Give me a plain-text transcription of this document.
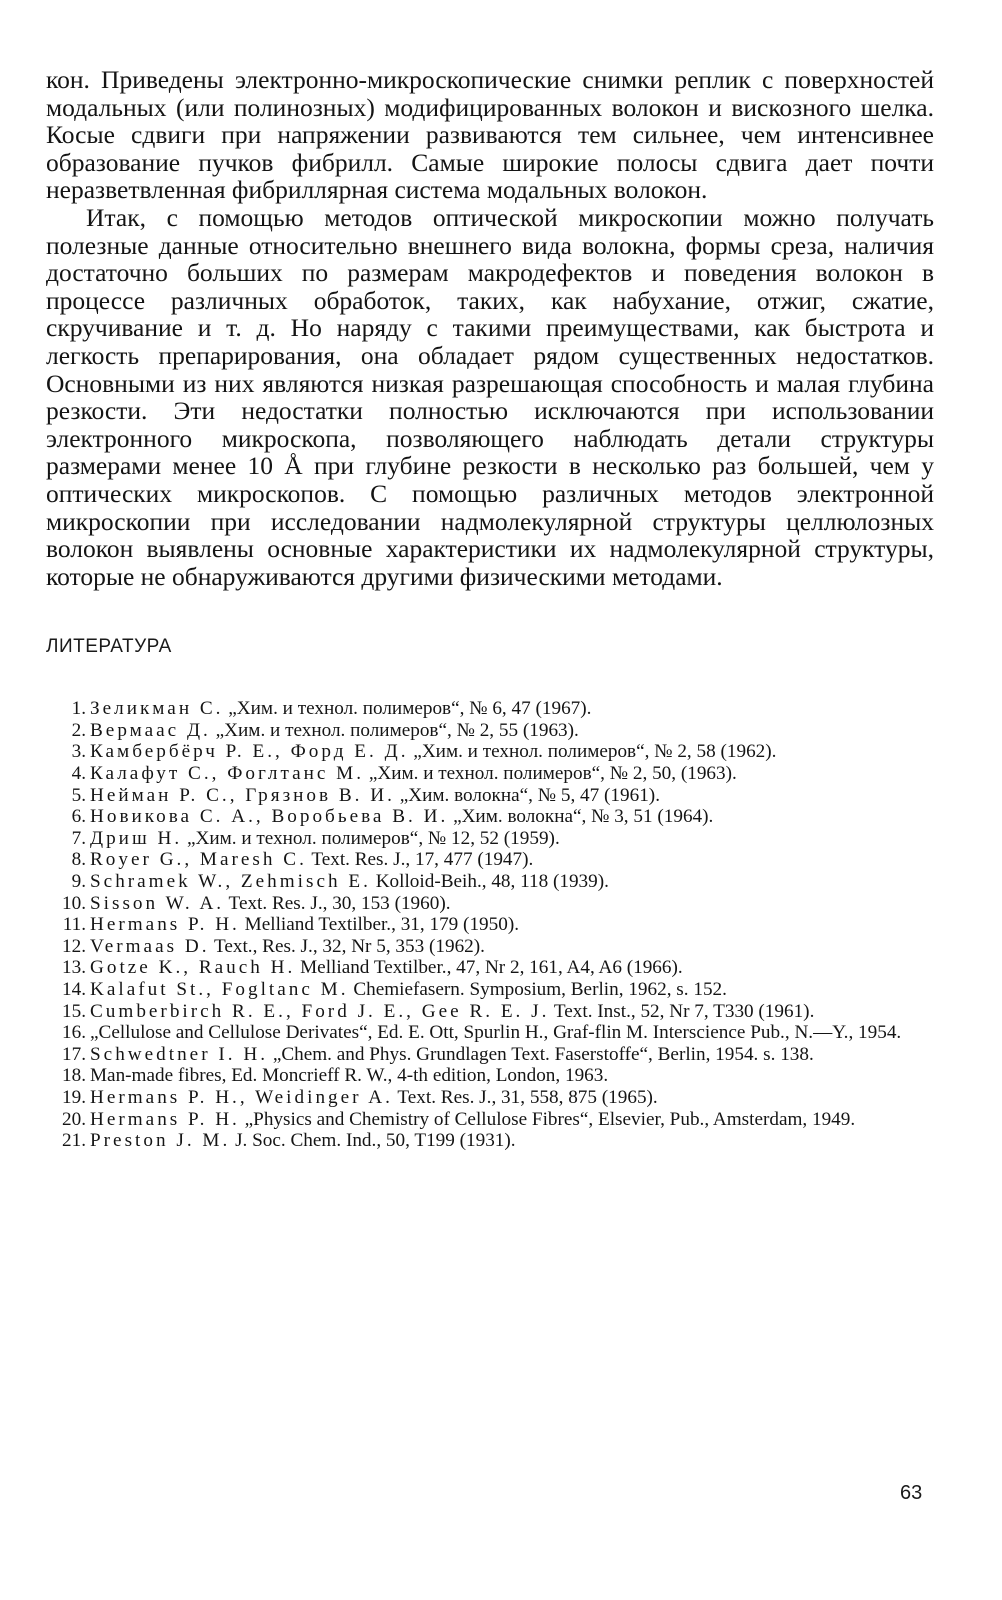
кон. Приведены электронно-микроскопические снимки реплик с поверхностей модальных (или полинозных) модифицированных волокон и вискозного шелка. Косые сдвиги при напряжении развиваются тем сильнее, чем интенсивнее образование пучков фибрилл. Самые широкие полосы сдвига дает почти неразветвленная фибриллярная система модальных волокон.

Итак, с помощью методов оптической микроскопии можно получать полезные данные относительно внешнего вида волокна, формы среза, наличия достаточно больших по размерам макродефектов и поведения волокон в процессе различных обработок, таких, как набухание, отжиг, сжатие, скручивание и т. д. Но наряду с такими преимуществами, как быстрота и легкость препарирования, она обладает рядом существенных недостатков. Основными из них являются низкая разрешающая способность и малая глубина резкости. Эти недостатки полностью исключаются при использовании электронного микроскопа, позволяющего наблюдать детали структуры размерами менее 10 Å при глубине резкости в несколько раз большей, чем у оптических микроскопов. С помощью различных методов электронной микроскопии при исследовании надмолекулярной структуры целлюлозных волокон выявлены основные характеристики их надмолекулярной структуры, которые не обнаруживаются другими физическими методами.

ЛИТЕРАТУРА
1. Зеликман С. „Хим. и технол. полимеров“, № 6, 47 (1967).
2. Вермаас Д. „Хим. и технол. полимеров“, № 2, 55 (1963).
3. Камбербёрч Р. Е., Форд Е. Д. „Хим. и технол. полимеров“, № 2, 58 (1962).
4. Калафут С., Фоглтанс М. „Хим. и технол. полимеров“, № 2, 50, (1963).
5. Нейман Р. С., Грязнов В. И. „Хим. волокна“, № 5, 47 (1961).
6. Новикова С. А., Воробьева В. И. „Хим. волокна“, № 3, 51 (1964).
7. Дриш Н. „Хим. и технол. полимеров“, № 12, 52 (1959).
8. Royer G., Maresh C. Text. Res. J., 17, 477 (1947).
9. Schramek W., Zehmisch E. Kolloid-Beih., 48, 118 (1939).
10. Sisson W. A. Text. Res. J., 30, 153 (1960).
11. Hermans P. H. Melliand Textilber., 31, 179 (1950).
12. Vermaas D. Text., Res. J., 32, Nr 5, 353 (1962).
13. Gotze K., Rauch H. Melliand Textilber., 47, Nr 2, 161, A4, A6 (1966).
14. Kalafut St., Fogltanc M. Chemiefasern. Symposium, Berlin, 1962, s. 152.
15. Cumberbirch R. E., Ford J. E., Gee R. E. J. Text. Inst., 52, Nr 7, T330 (1961).
16. „Cellulose and Cellulose Derivates“, Ed. E. Ott, Spurlin H., Graf-flin M. Interscience Pub., N.—Y., 1954.
17. Schwedtner I. H. „Chem. and Phys. Grundlagen Text. Faserstoffe“, Berlin, 1954. s. 138.
18. Man-made fibres, Ed. Moncrieff R. W., 4-th edition, London, 1963.
19. Hermans P. H., Weidinger A. Text. Res. J., 31, 558, 875 (1965).
20. Hermans P. H. „Physics and Chemistry of Cellulose Fibres“, Elsevier, Pub., Amsterdam, 1949.
21. Preston J. M. J. Soc. Chem. Ind., 50, T199 (1931).
63
